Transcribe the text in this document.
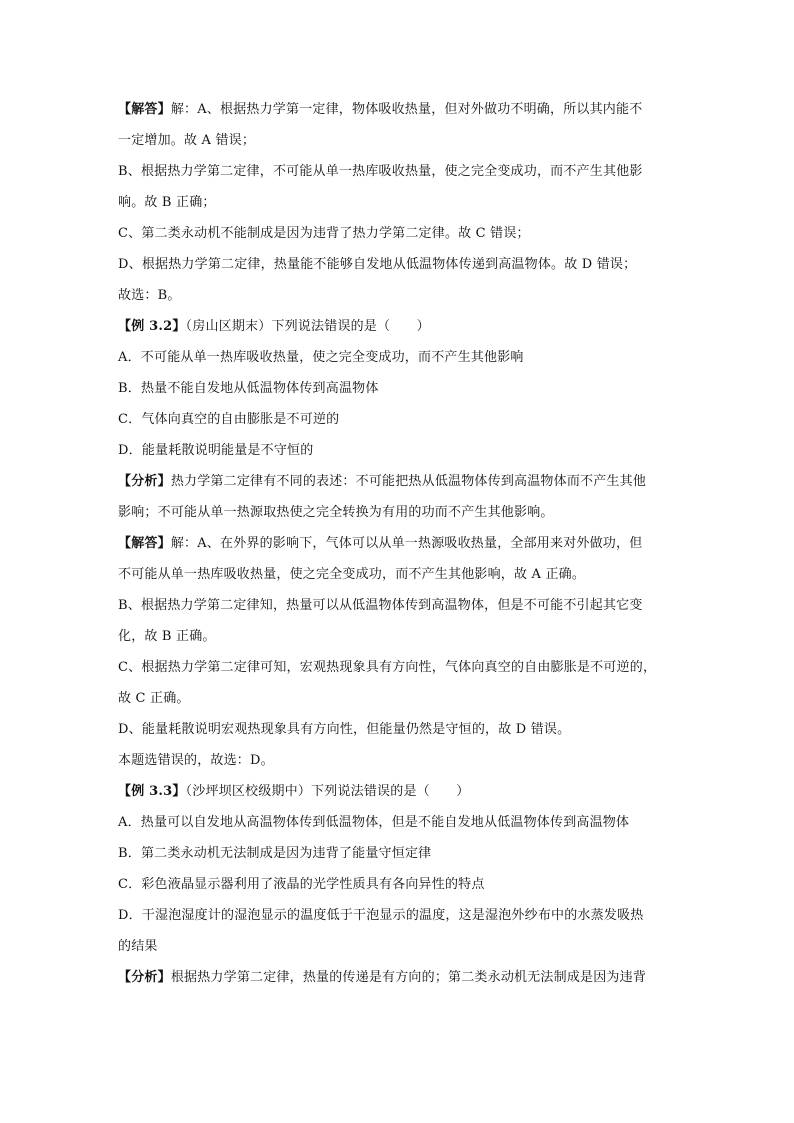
【解答】解：A、根据热力学第一定律，物体吸收热量，但对外做功不明确，所以其内能不
一定增加。故 A 错误；
B、根据热力学第二定律，不可能从单一热库吸收热量，使之完全变成功，而不产生其他影
响。故 B 正确；
C、第二类永动机不能制成是因为违背了热力学第二定律。故 C 错误；
D、根据热力学第二定律，热量能不能够自发地从低温物体传递到高温物体。故 D 错误；
故选：B。
【例 3.2】（房山区期末）下列说法错误的是（　　）
A．不可能从单一热库吸收热量，使之完全变成功，而不产生其他影响
B．热量不能自发地从低温物体传到高温物体
C．气体向真空的自由膨胀是不可逆的
D．能量耗散说明能量是不守恒的
【分析】热力学第二定律有不同的表述：不可能把热从低温物体传到高温物体而不产生其他
影响；不可能从单一热源取热使之完全转换为有用的功而不产生其他影响。
【解答】解：A、在外界的影响下，气体可以从单一热源吸收热量，全部用来对外做功，但
不可能从单一热库吸收热量，使之完全变成功，而不产生其他影响，故 A 正确。
B、根据热力学第二定律知，热量可以从低温物体传到高温物体，但是不可能不引起其它变
化，故 B 正确。
C、根据热力学第二定律可知，宏观热现象具有方向性，气体向真空的自由膨胀是不可逆的，
故 C 正确。
D、能量耗散说明宏观热现象具有方向性，但能量仍然是守恒的，故 D 错误。
本题选错误的，故选：D。
【例 3.3】（沙坪坝区校级期中）下列说法错误的是（　　）
A．热量可以自发地从高温物体传到低温物体，但是不能自发地从低温物体传到高温物体
B．第二类永动机无法制成是因为违背了能量守恒定律
C．彩色液晶显示器利用了液晶的光学性质具有各向异性的特点
D．干湿泡湿度计的湿泡显示的温度低于干泡显示的温度，这是湿泡外纱布中的水蒸发吸热
的结果
【分析】根据热力学第二定律，热量的传递是有方向的；第二类永动机无法制成是因为违背
